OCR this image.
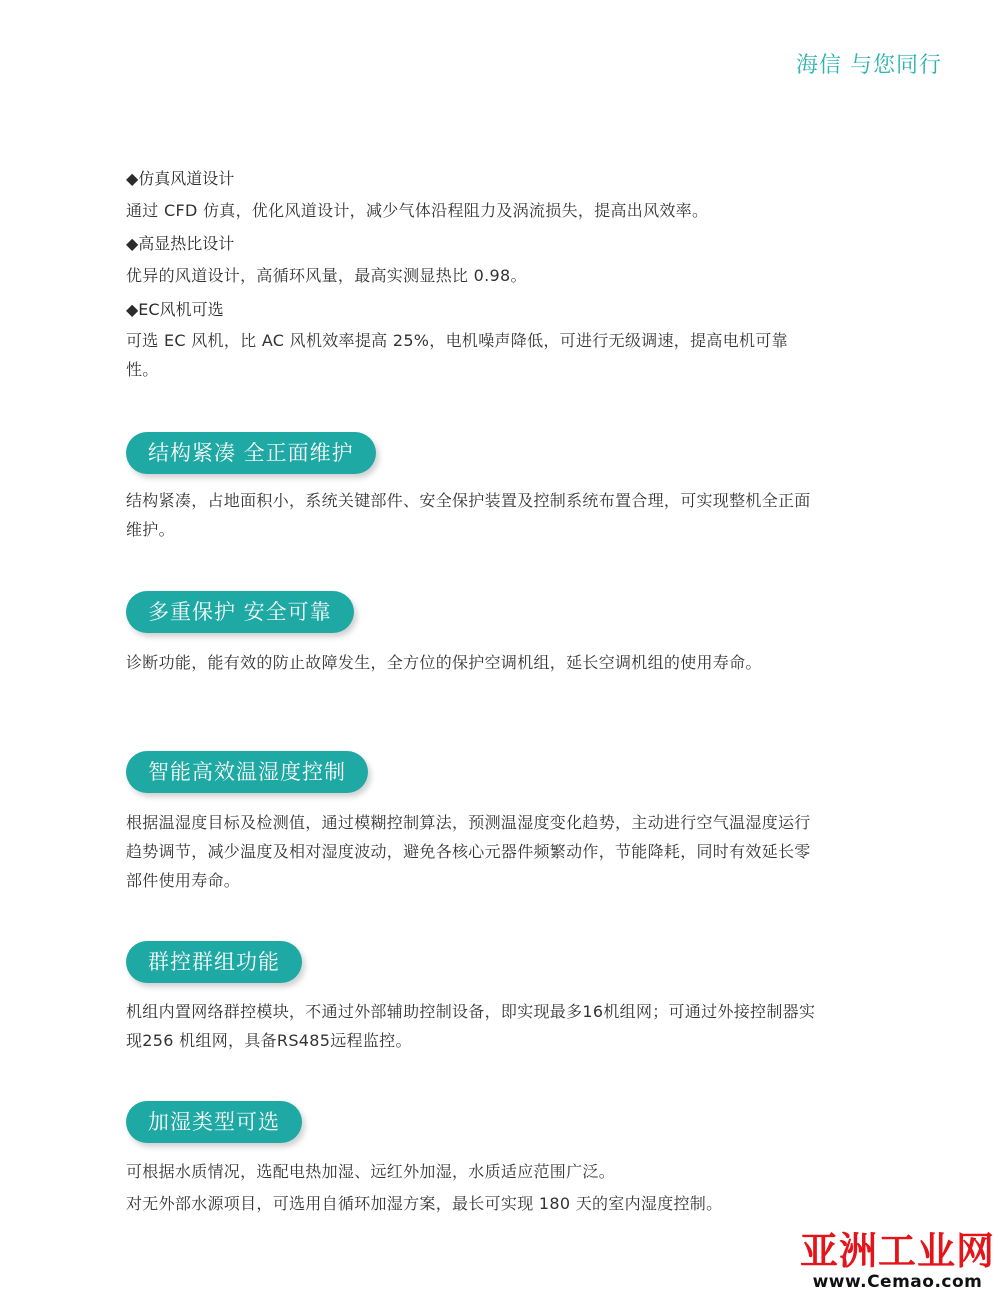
海信 与您同行
◆仿真风道设计
通过 CFD 仿真，优化风道设计，减少气体沿程阻力及涡流损失，提高出风效率。
◆高显热比设计
优异的风道设计，高循环风量，最高实测显热比 0.98。
◆EC风机可选
可选 EC 风机，比 AC 风机效率提高 25%，电机噪声降低，可进行无级调速，提高电机可靠性。
结构紧凑 全正面维护
结构紧凑，占地面积小，系统关键部件、安全保护装置及控制系统布置合理，可实现整机全正面维护。
多重保护 安全可靠
诊断功能，能有效的防止故障发生，全方位的保护空调机组，延长空调机组的使用寿命。
智能高效温湿度控制
根据温湿度目标及检测值，通过模糊控制算法，预测温湿度变化趋势，主动进行空气温湿度运行趋势调节，减少温度及相对湿度波动，避免各核心元器件频繁动作，节能降耗，同时有效延长零部件使用寿命。
群控群组功能
机组内置网络群控模块，不通过外部辅助控制设备，即实现最多16机组网；可通过外接控制器实现256 机组网，具备RS485远程监控。
加湿类型可选
可根据水质情况，选配电热加湿、远红外加湿，水质适应范围广泛。
对无外部水源项目，可选用自循环加湿方案，最长可实现 180 天的室内湿度控制。
亚洲工业网
www.Cemao.com
